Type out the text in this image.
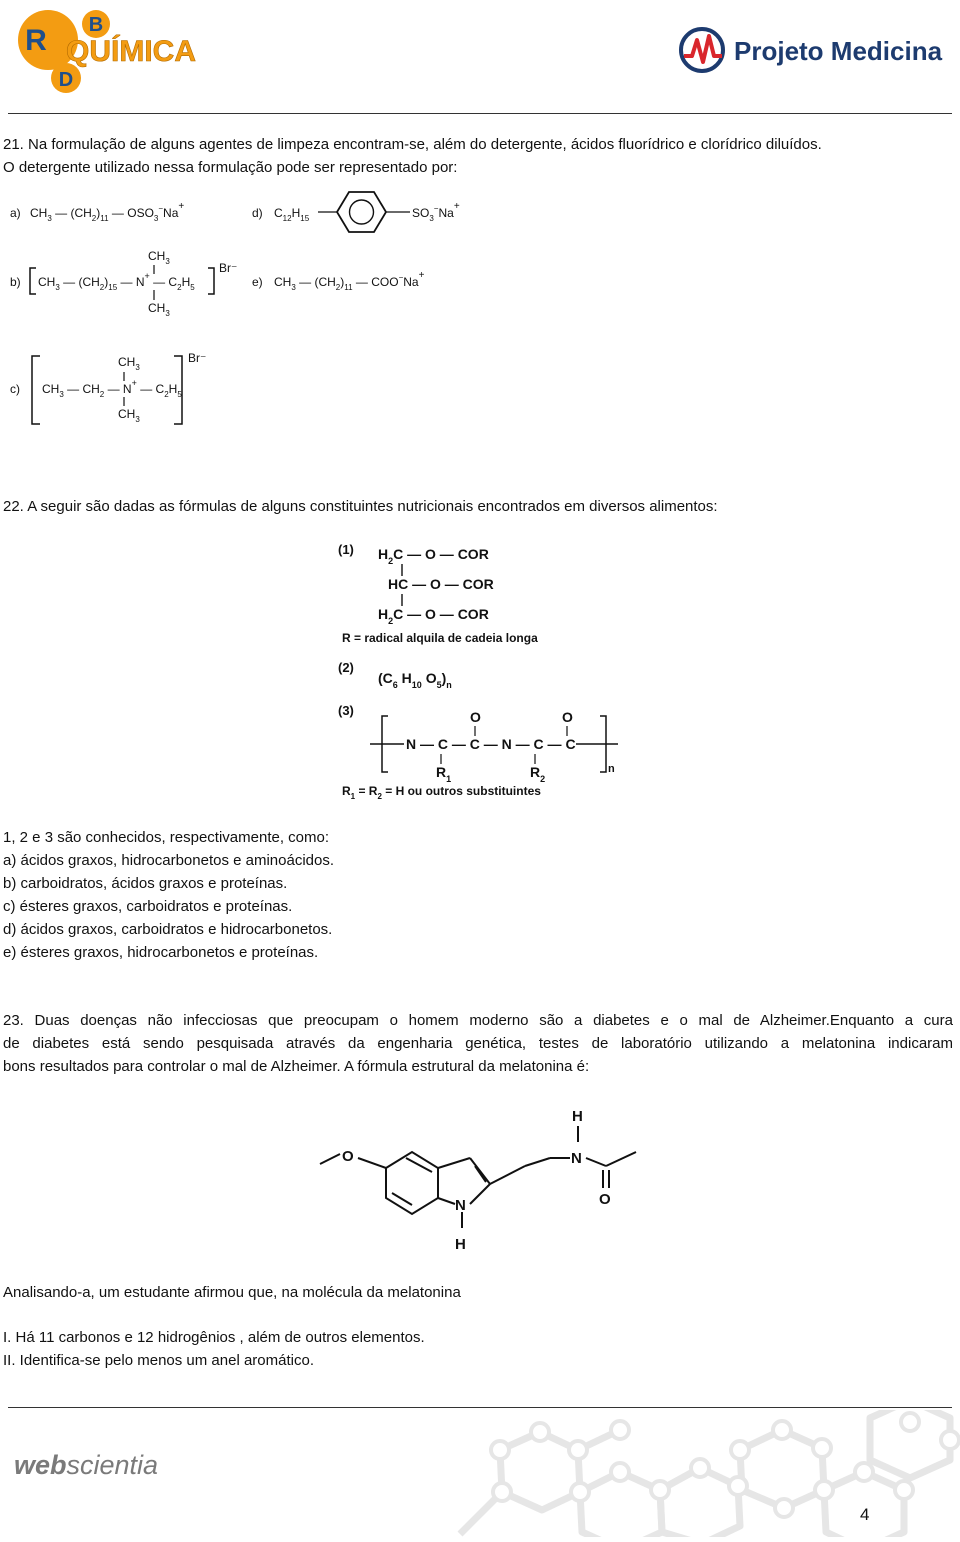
B
R
D
QUÍMICA	Projeto Medicina
21. Na formulação de alguns agentes de limpeza encontram-se, além do detergente, ácidos fluorídrico e clorídrico diluídos.
O detergente utilizado nessa formulação pode ser representado por:
a) $CH_3$ — $(CH_2)_{11}$ — $OSO_3^-Na^+$	d) $C_{12}H_{15}$	$SO_3^-Na^+$
b) $CH_3$ — $(CH_2)_{15}$ — N+ — $C_2H_5$
$CH_3$
$CH_3$
Br⁻
e) $CH_3$ — $(CH_2)_{11}$ — COO−Na+
c) $CH_3$ — $CH_2$ — N+ — $C_2H_5$
$CH_3$
$CH_3$
Br⁻
22. A seguir são dadas as fórmulas de alguns constituintes nutricionais encontrados em diversos alimentos:
(1) $H_2C$ — O — COR
HC — O — COR
$H_2C$ — O — COR
R = radical alquila de cadeia longa
(2)
($C_6$ $H_{10}$ $O_5)_n$
(3)
N — C — C — N — C — C
O	O
$R_1$	$R_2$
n
$R_1 = R_2 = H$ ou outros substituintes
1, 2 e 3 são conhecidos, respectivamente, como:
a) ácidos graxos, hidrocarbonetos e aminoácidos.
b) carboidratos, ácidos graxos e proteínas.
c) ésteres graxos, carboidratos e proteínas.
d) ácidos graxos, carboidratos e hidrocarbonetos.
e) ésteres graxos, hidrocarbonetos e proteínas.
23. Duas doenças não infecciosas que preocupam o homem moderno são a diabetes e o mal de Alzheimer.Enquanto a cura
de diabetes está sendo pesquisada através da engenharia genética, testes de laboratório utilizando a melatonina indicaram
bons resultados para controlar o mal de Alzheimer. A fórmula estrutural da melatonina é:
O
N
H
N
H
O
Analisando-a, um estudante afirmou que, na molécula da melatonina
I. Há 11 carbonos e 12 hidrogênios , além de outros elementos.
II. Identifica-se pelo menos um anel aromático.
webscientia
4
